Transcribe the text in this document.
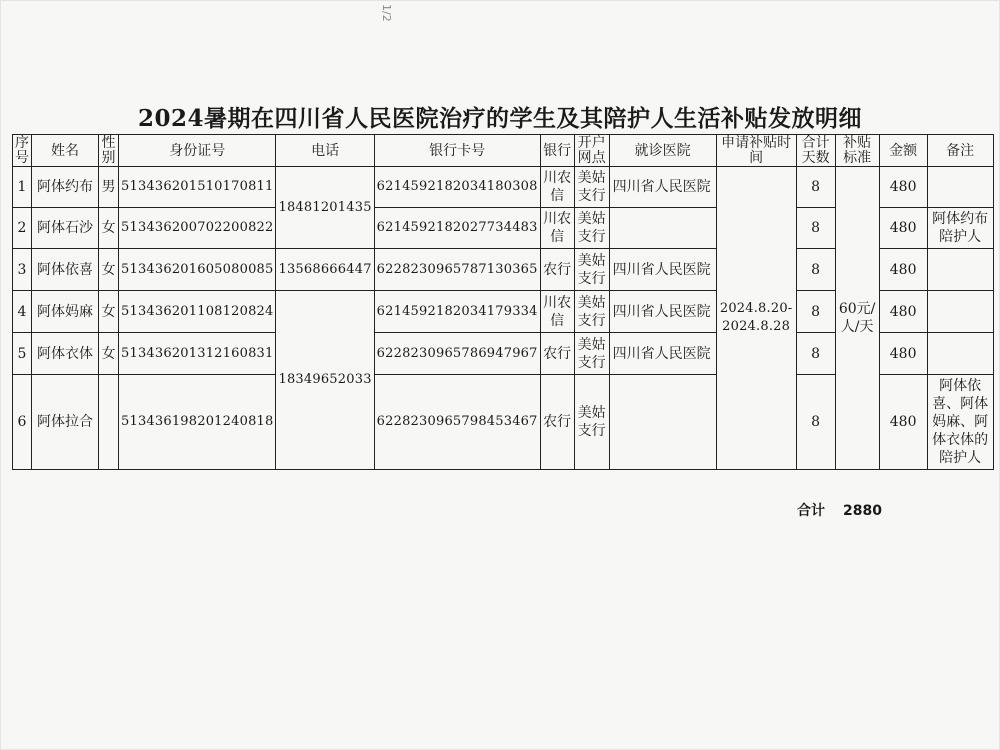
1/2
2024暑期在四川省人民医院治疗的学生及其陪护人生活补贴发放明细
序号	姓名	性别	身份证号	电话	银行卡号	银行	开户网点	就诊医院	申请补贴时间	合计天数	补贴标准	金额	备注

1	阿体约布	男	513436201510170811	18481201435	6214592182034180308	川农信	美姑支行	四川省人民医院	2024.8.20-2024.8.28	8	60元/人/天	480	
2	阿体石沙	女	513436200702200822		6214592182027734483	川农信	美姑支行			8		480	阿体约布陪护人
3	阿体依喜	女	513436201605080085	13568666447	6228230965787130365	农行	美姑支行	四川省人民医院		8		480	
4	阿体妈麻	女	513436201108120824	18349652033	6214592182034179334	川农信	美姑支行	四川省人民医院		8		480	
5	阿体衣体	女	513436201312160831		6228230965786947967	农行	美姑支行	四川省人民医院		8		480	
6	阿体拉合		513436198201240818		6228230965798453467	农行	美姑支行			8		480	阿体依喜、阿体妈麻、阿体衣体的陪护人
合计 2880
